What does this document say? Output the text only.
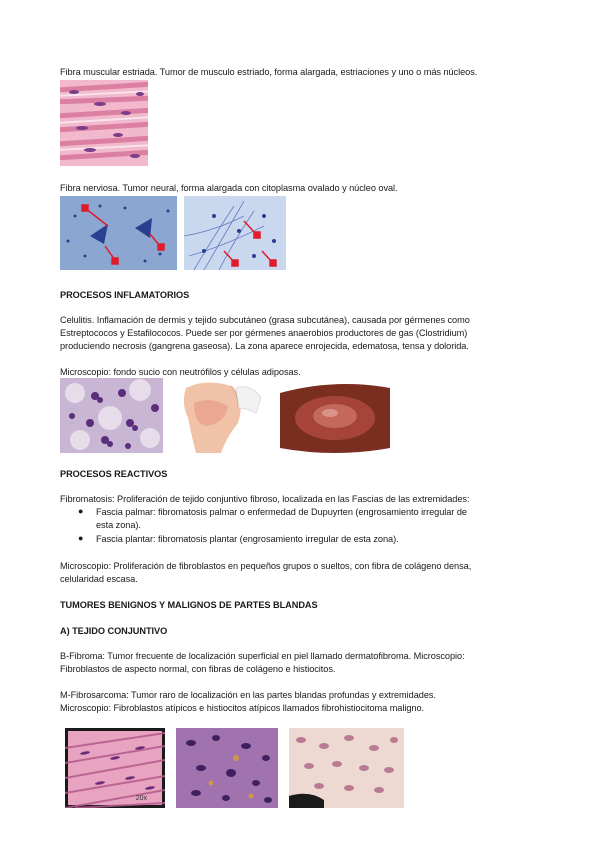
Fibra muscular estriada. Tumor de musculo estriado, forma alargada, estriaciones y uno o más núcleos.
Fibra nerviosa. Tumor neural, forma alargada con citoplasma ovalado y núcleo oval.
PROCESOS INFLAMATORIOS
Celulitis. Inflamación de dermis y tejido subcutáneo (grasa subcutánea), causada por gérmenes como
Estreptococos y Estafilococos. Puede ser por gérmenes anaerobios productores de gas (Clostridium)
produciendo necrosis (gangrena gaseosa). La zona aparece enrojecida, edematosa, tensa y dolorida.
Microscopio: fondo sucio con neutrófilos y células adiposas.
PROCESOS REACTIVOS
Fibromatosis: Proliferación de tejido conjuntivo fibroso, localizada en las Fascias de las extremidades:
● Fascia palmar: fibromatosis palmar o enfermedad de Dupuyrten (engrosamiento irregular de
esta zona).
● Fascia plantar: fibromatosis plantar (engrosamiento irregular de esta zona).
Microscopio: Proliferación de fibroblastos en pequeños grupos o sueltos, con fibra de colágeno densa,
celularidad escasa.
TUMORES BENIGNOS Y MALIGNOS DE PARTES BLANDAS
A) TEJIDO CONJUNTIVO
B-Fibroma: Tumor frecuente de localización superficial en piel llamado dermatofibroma. Microscopio:
Fibroblastos de aspecto normal, con fibras de colágeno e histiocitos.
M-Fibrosarcoma: Tumor raro de localización en las partes blandas profundas y extremidades.
Microscopio: Fibroblastos atípicos e histiocitos atípicos llamados fibrohistiocitoma maligno.
20x
